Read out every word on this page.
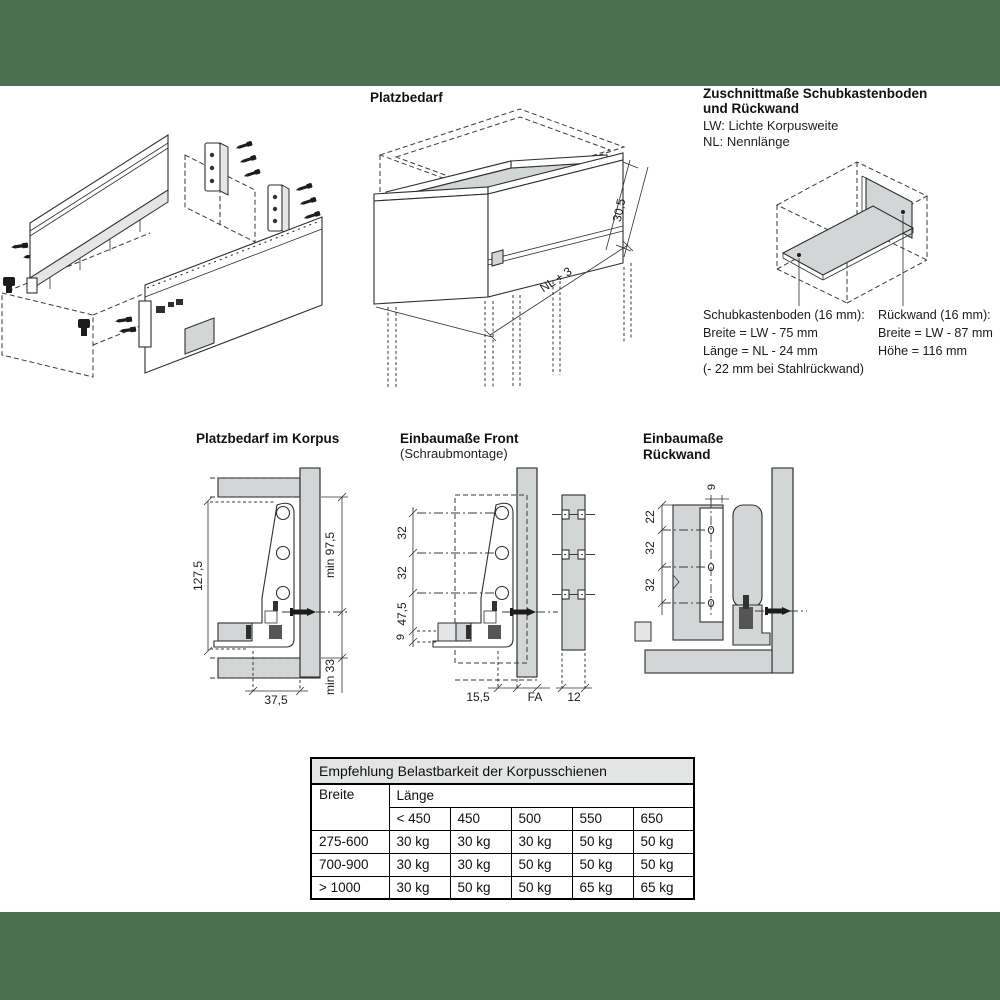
Platzbedarf
NL + 3
30,5
Zuschnittmaße Schubkastenboden
und Rückwand
LW: Lichte Korpusweite
NL: Nennlänge
Schubkastenboden (16 mm):
Breite = LW - 75 mm
Länge = NL - 24 mm
(- 22 mm bei Stahlrückwand)
Rückwand (16 mm):
Breite = LW - 87 mm
Höhe = 116 mm
Platzbedarf im Korpus
127,5	min 97,5
min 33
37,5
Einbaumaße Front
(Schraubmontage)
32
32
47,5
9
15,5	FA 12
Einbaumaße
Rückwand
9
22
32
32
Empfehlung Belastbarkeit der Korpusschienen					
Breite	Länge				
	< 450	450	500	550	650
275-600	30 kg	30 kg	30 kg	50 kg	50 kg
700-900	30 kg	30 kg	50 kg	50 kg	50 kg
> 1000	30 kg	50 kg	50 kg	65 kg	65 kg
